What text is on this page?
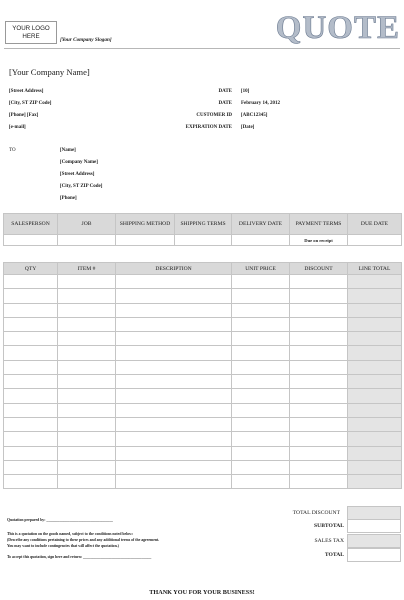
YOUR LOGO HERE	[Your Company Slogan]	QUOTE
[Your Company Name]
[Street Address]
[City, ST ZIP Code]
[Phone] [Fax]
[e-mail]
DATE [10]
DATE February 14, 2012
CUSTOMER ID [ABC12345]
EXPIRATION DATE [Date]
TO	[Name]
[Company Name]
[Street Address]
[City, ST ZIP Code]
[Phone]
SALESPERSON	JOB	SHIPPING METHOD	SHIPPING TERMS	DELIVERY DATE	PAYMENT TERMS	DUE DATE
					Due on receipt	
QTY	ITEM #	DESCRIPTION	UNIT PRICE	DISCOUNT	LINE TOTAL

TOTAL DISCOUNT
SUBTOTAL
SALES TAX
TOTAL
Quotation prepared by: ___________________________________
This is a quotation on the goods named, subject to the conditions noted below:
(Describe any conditions pertaining to these prices and any additional terms of the agreement.
You may want to include contingencies that will affect the quotation.)
To accept this quotation, sign here and return: ____________________________________
THANK YOU FOR YOUR BUSINESS!
